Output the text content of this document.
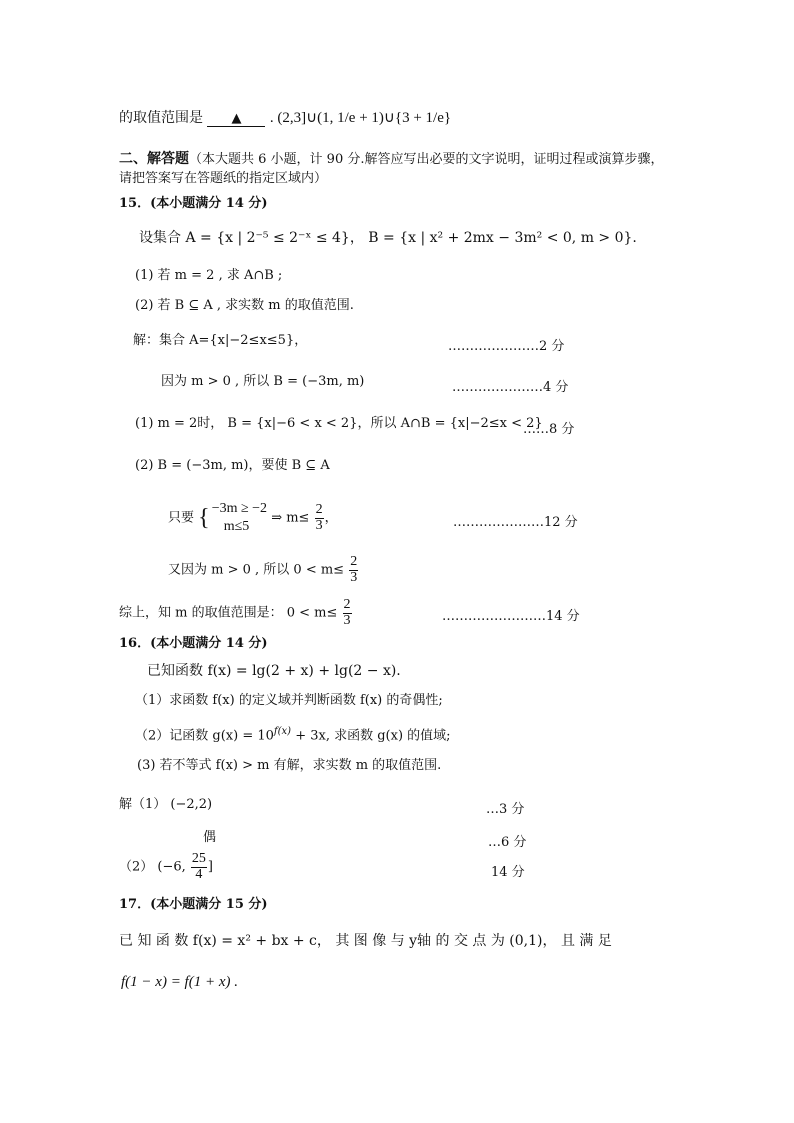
的取值范围是 ▲ . (2,3]∪(1, 1/e + 1)∪{3 + 1/e}
二、解答题（本大题共 6 小题，计 90 分.解答应写出必要的文字说明，证明过程或演算步骤，
请把答案写在答题纸的指定区域内）
15．(本小题满分 14 分)
设集合 A = {x | 2⁻⁵ ≤ 2⁻ˣ ≤ 4}， B = {x | x² + 2mx − 3m² < 0, m > 0}.
(1) 若 m = 2 , 求 A∩B ;
(2) 若 B ⊆ A , 求实数 m 的取值范围.
解：集合 A={x|−2≤x≤5}，	…………………2 分
因为 m > 0 , 所以 B = (−3m, m)	…………………4 分
(1) m = 2时， B = {x|−6 < x < 2}，所以 A∩B = {x|−2≤x < 2}
……8 分
(2) B = (−3m, m)，要使 B ⊆ A
只要 { −3m ≥ −2
m≤5
⇒ $m\le \frac{2}{3}$ ，	…………………12 分
又因为 m > 0 , 所以 $0 < m\le \frac{2}{3}$
综上，知 m 的取值范围是： $0 < m\le \frac{2}{3}$	……………………14 分
16．(本小题满分 14 分)
已知函数 f(x) = lg(2 + x) + lg(2 − x).
（1）求函数 f(x) 的定义域并判断函数 f(x) 的奇偶性;
（2）记函数 $g(x) = 10^{f(x)} + 3x$, 求函数 g(x) 的值域;
(3) 若不等式 f(x) > m 有解，求实数 m 的取值范围.
解（1） (−2,2)	…3 分
偶	…6 分
（2） (−6, $\frac{25}{4}$ ]	14 分
17．(本小题满分 15 分)
已 知 函 数 f(x) = x² + bx + c， 其 图 像 与 y轴 的 交 点 为 (0,1)， 且 满 足
f(1 − x) = f(1 + x) .
